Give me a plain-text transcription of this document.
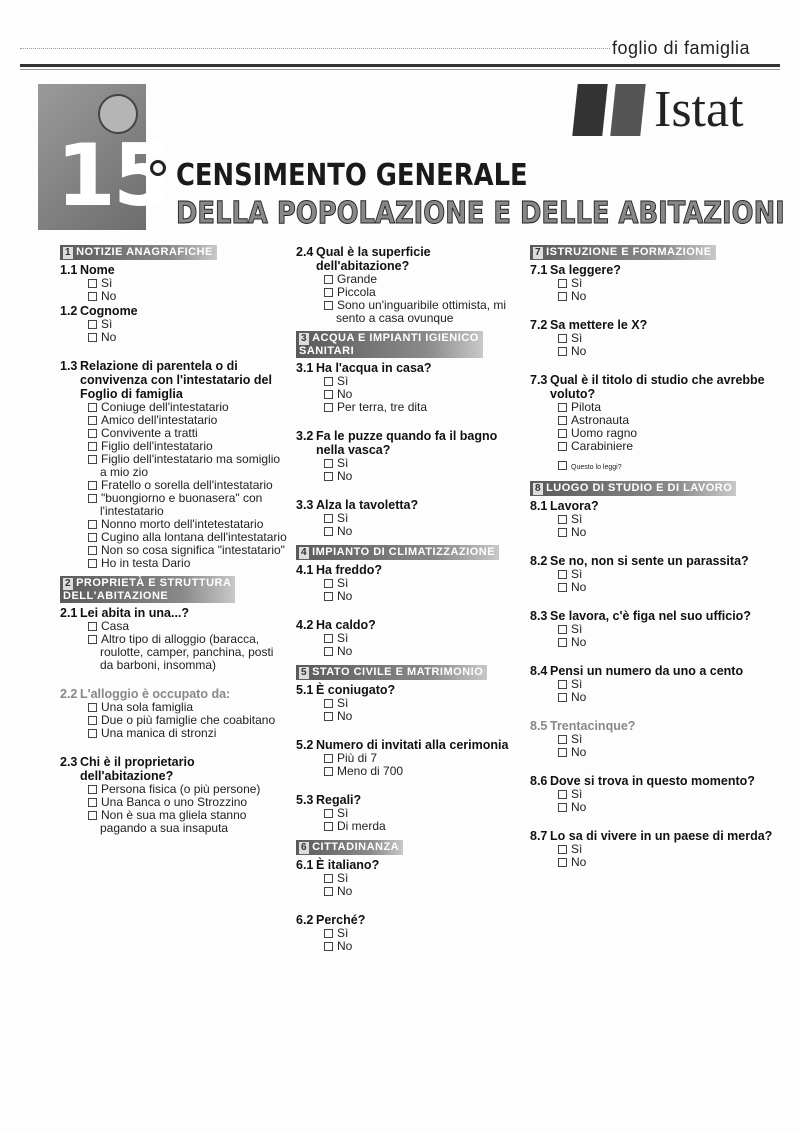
foglio di famiglia
15
Istat
CENSIMENTO GENERALE
DELLA POPOLAZIONE E DELLE ABITAZIONI
1 NOTIZIE ANAGRAFICHE
1.1 Nome
Sì
No
1.2 Cognome
Sì
No
1.3 Relazione di parentela o di convivenza con l'intestatario del Foglio di famiglia
Coniuge dell'intestatario
Amico dell'intestatario
Convivente a tratti
Figlio dell'intestatario
Figlio dell'intestatario ma somiglio a mio zio
Fratello o sorella dell'intestatario
"buongiorno e buonasera" con l'intestatario
Nonno morto dell'intetestatario
Cugino alla lontana dell'intestatario
Non so cosa significa "intestatario"
Ho in testa Dario
2 PROPRIETÀ E STRUTTURA
DELL'ABITAZIONE
2.1 Lei abita in una...?
Casa
Altro tipo di alloggio (baracca, roulotte, camper, panchina, posti da barboni, insomma)
2.2 L'alloggio è occupato da:
Una sola famiglia
Due o più famiglie che coabitano
Una manica di stronzi
2.3 Chi è il proprietario dell'abitazione?
Persona fisica (o più persone)
Una Banca o uno Strozzino
Non è sua ma gliela stanno pagando a sua insaputa
2.4 Qual è la superficie dell'abitazione?
Grande
Piccola
Sono un'inguaribile ottimista, mi sento a casa ovunque
3 ACQUA E IMPIANTI IGIENICO
SANITARI
3.1 Ha l'acqua in casa?
Sì
No
Per terra, tre dita
3.2 Fa le puzze quando fa il bagno nella vasca?
Sì
No
3.3 Alza la tavoletta?
Sì
No
4 IMPIANTO DI CLIMATIZZAZIONE
4.1 Ha freddo?
Sì
No
4.2 Ha caldo?
Sì
No
5 STATO CIVILE E MATRIMONIO
5.1 È coniugato?
Sì
No
5.2 Numero di invitati alla cerimonia
Più di 7
Meno di 700
5.3 Regali?
Sì
Di merda
6 CITTADINANZA
6.1 È italiano?
Sì
No
6.2 Perché?
Sì
No
7 ISTRUZIONE E FORMAZIONE
7.1 Sa leggere?
Sì
No
7.2 Sa mettere le X?
Sì
No
7.3 Qual è il titolo di studio che avrebbe voluto?
Pilota
Astronauta
Uomo ragno
Carabiniere
Questo lo leggi?
8 LUOGO DI STUDIO E DI LAVORO
8.1 Lavora?
Sì
No
8.2 Se no, non si sente un parassita?
Sì
No
8.3 Se lavora, c'è figa nel suo ufficio?
Sì
No
8.4 Pensi un numero da uno a cento
Sì
No
8.5 Trentacinque?
Sì
No
8.6 Dove si trova in questo momento?
Sì
No
8.7 Lo sa di vivere in un paese di merda?
Sì
No
